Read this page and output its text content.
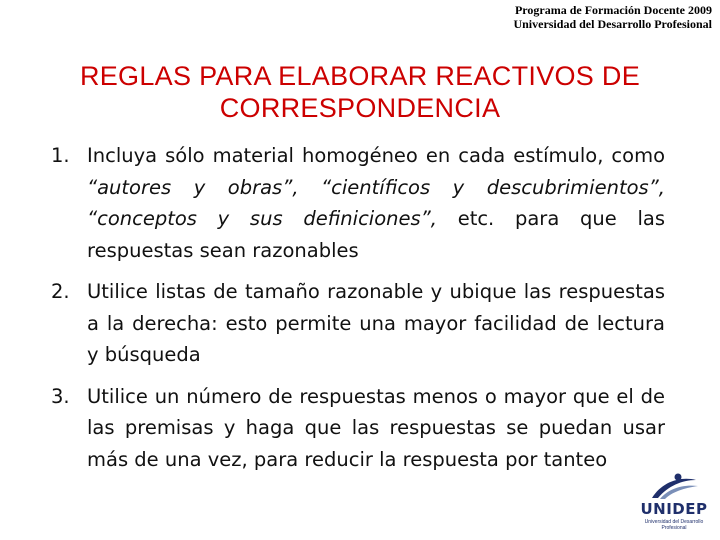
Programa de Formación Docente 2009
Universidad del Desarrollo Profesional
REGLAS PARA ELABORAR REACTIVOS DE
CORRESPONDENCIA
1. Incluya sólo material homogéneo en cada estímulo, como “autores y obras”, “científicos y descubrimientos”, “conceptos y sus definiciones”, etc. para que las respuestas sean razonables
2. Utilice listas de tamaño razonable y ubique las respuestas a la derecha: esto permite una mayor facilidad de lectura y búsqueda
3. Utilice un número de respuestas menos o mayor que el de las premisas y haga que las respuestas se puedan usar más de una vez, para reducir la respuesta por tanteo
UNIDEP
Universidad del Desarrollo Profesional
